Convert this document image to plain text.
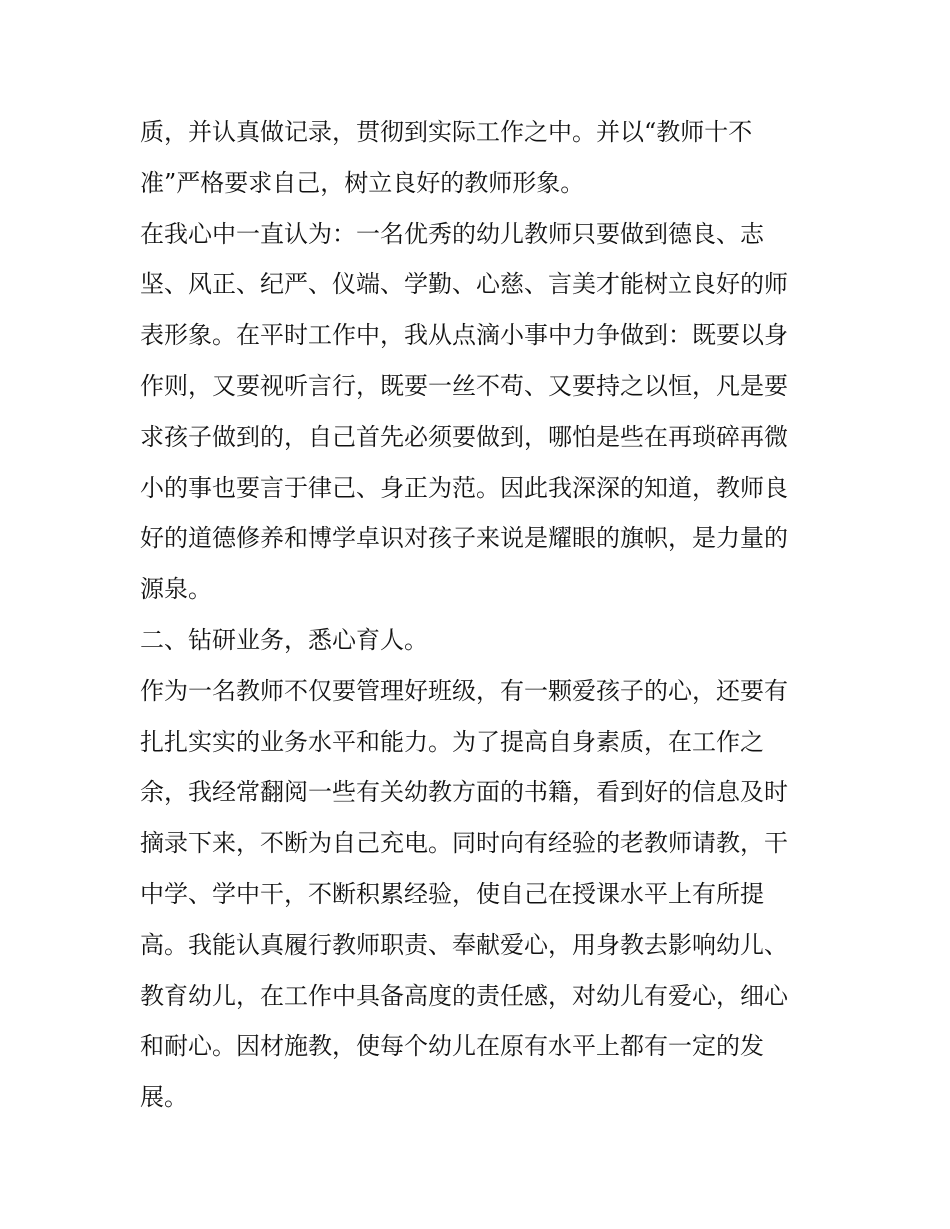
质，并认真做记录，贯彻到实际工作之中。并以“教师十不
准”严格要求自己，树立良好的教师形象。
在我心中一直认为：一名优秀的幼儿教师只要做到德良、志
坚、风正、纪严、仪端、学勤、心慈、言美才能树立良好的师
表形象。在平时工作中，我从点滴小事中力争做到：既要以身
作则，又要视听言行，既要一丝不苟、又要持之以恒，凡是要
求孩子做到的，自己首先必须要做到，哪怕是些在再琐碎再微
小的事也要言于律己、身正为范。因此我深深的知道，教师良
好的道德修养和博学卓识对孩子来说是耀眼的旗帜，是力量的
源泉。
二、钻研业务，悉心育人。
作为一名教师不仅要管理好班级，有一颗爱孩子的心，还要有
扎扎实实的业务水平和能力。为了提高自身素质，在工作之
余，我经常翻阅一些有关幼教方面的书籍，看到好的信息及时
摘录下来，不断为自己充电。同时向有经验的老教师请教，干
中学、学中干，不断积累经验，使自己在授课水平上有所提
高。我能认真履行教师职责、奉献爱心，用身教去影响幼儿、
教育幼儿，在工作中具备高度的责任感，对幼儿有爱心，细心
和耐心。因材施教，使每个幼儿在原有水平上都有一定的发
展。
